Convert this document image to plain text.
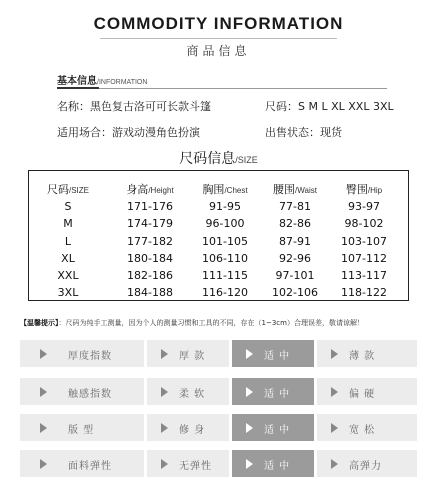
COMMODITY INFORMATION
商品信息
基本信息/INFORMATION
名称：黑色复古洛可可长款斗篷	尺码：S M L XL XXL 3XL
适用场合：游戏动漫角色扮演	出售状态：现货
尺码信息/SIZE
尺码/SIZE	身高/Height	胸围/Chest	腰围/Waist	臀围/Hip
S	171-176	91-95	77-81	93-97
M	174-179	96-100	82-86	98-102
L	177-182	101-105	87-91	103-107
XL	180-184	106-110	92-96	107-112
XXL	182-186	111-115	97-101	113-117
3XL	184-188	116-120	102-106	118-122
【温馨提示】：尺码为纯手工测量，因为个人的测量习惯和工具的不同，存在（1~3cm）合理误差，敬请谅解！
厚度指数	厚 款	适 中	薄 款
触感指数	柔 软	适 中	偏 硬
版 型	修 身	适 中	宽 松
面料弹性	无弹性	适 中	高弹力
